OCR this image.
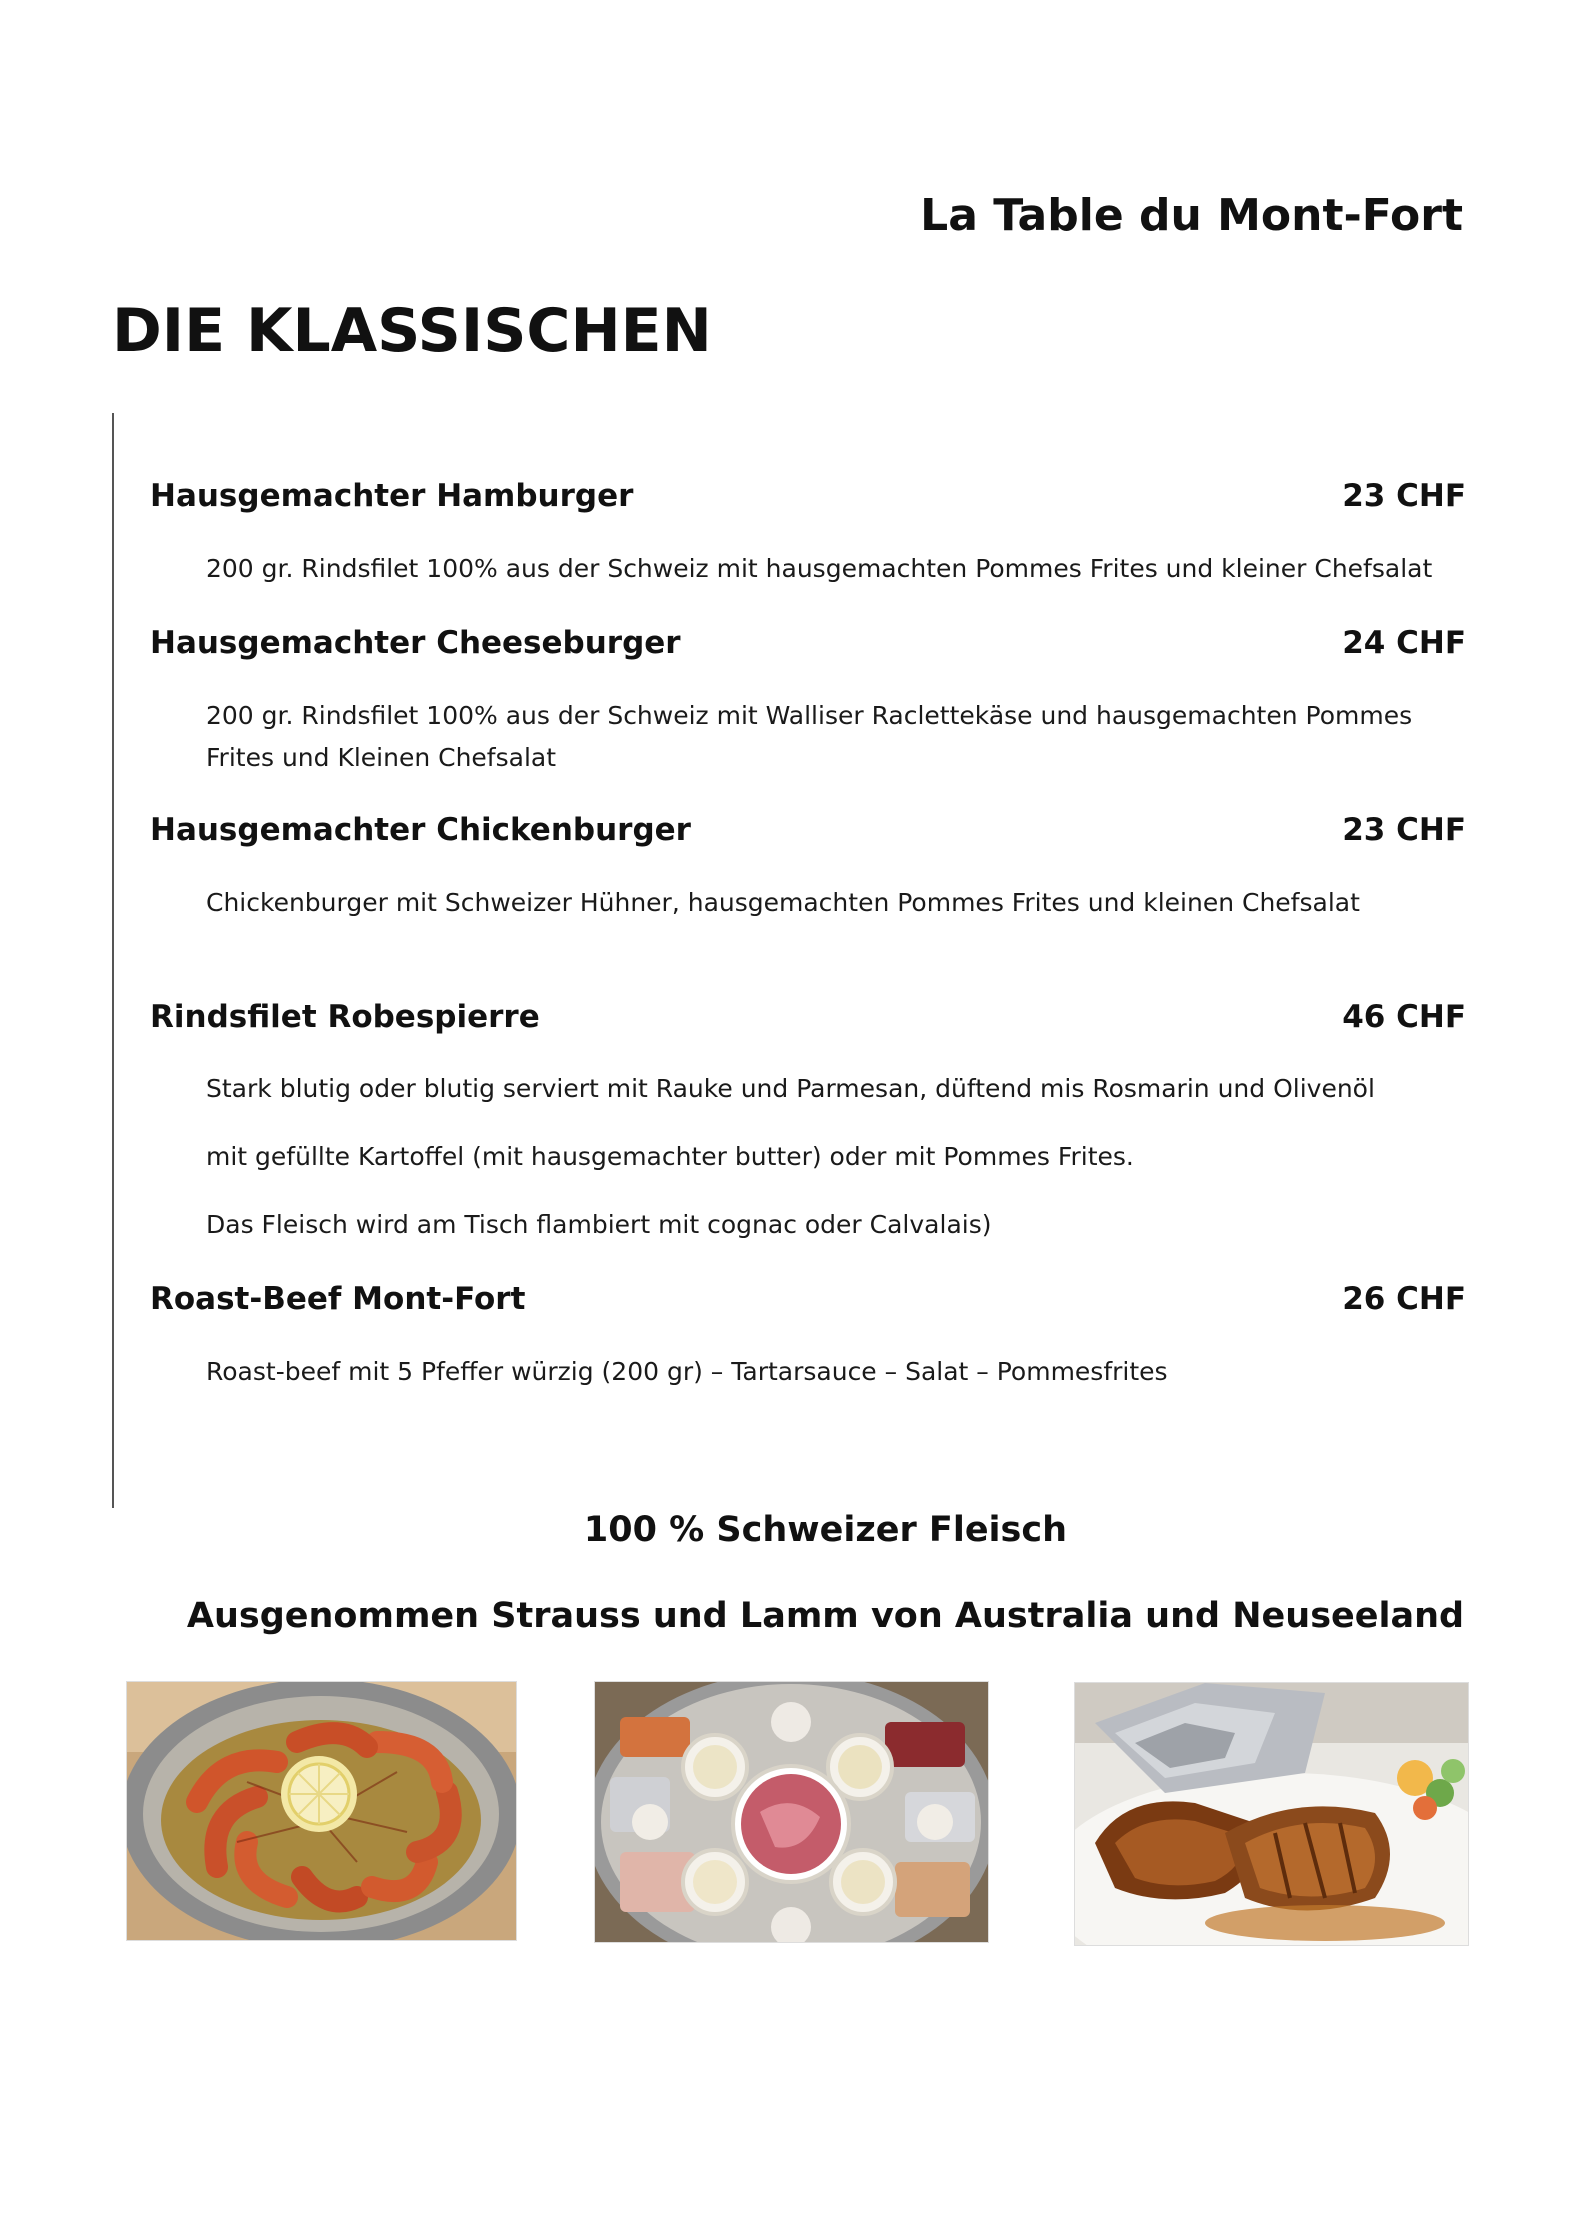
La Table du Mont-Fort
DIE KLASSISCHEN
Hausgemachter Hamburger	23 CHF
200 gr. Rindsfilet 100% aus der Schweiz mit hausgemachten Pommes Frites und kleiner Chefsalat
Hausgemachter Cheeseburger	24 CHF
200 gr. Rindsfilet 100% aus der Schweiz mit Walliser Raclettekäse und hausgemachten Pommes Frites und Kleinen Chefsalat
Hausgemachter Chickenburger	23 CHF
Chickenburger mit Schweizer Hühner, hausgemachten Pommes Frites und kleinen Chefsalat
Rindsfilet Robespierre	46 CHF
Stark blutig oder blutig serviert mit Rauke und Parmesan, düftend mis Rosmarin und Olivenöl
mit gefüllte Kartoffel (mit hausgemachter butter) oder mit Pommes Frites.
Das Fleisch wird am Tisch flambiert mit cognac oder Calvalais)
Roast-Beef Mont-Fort	26 CHF
Roast-beef mit 5 Pfeffer würzig (200 gr) – Tartarsauce – Salat – Pommesfrites
100 % Schweizer Fleisch
Ausgenommen Strauss und Lamm von Australia und Neuseeland
